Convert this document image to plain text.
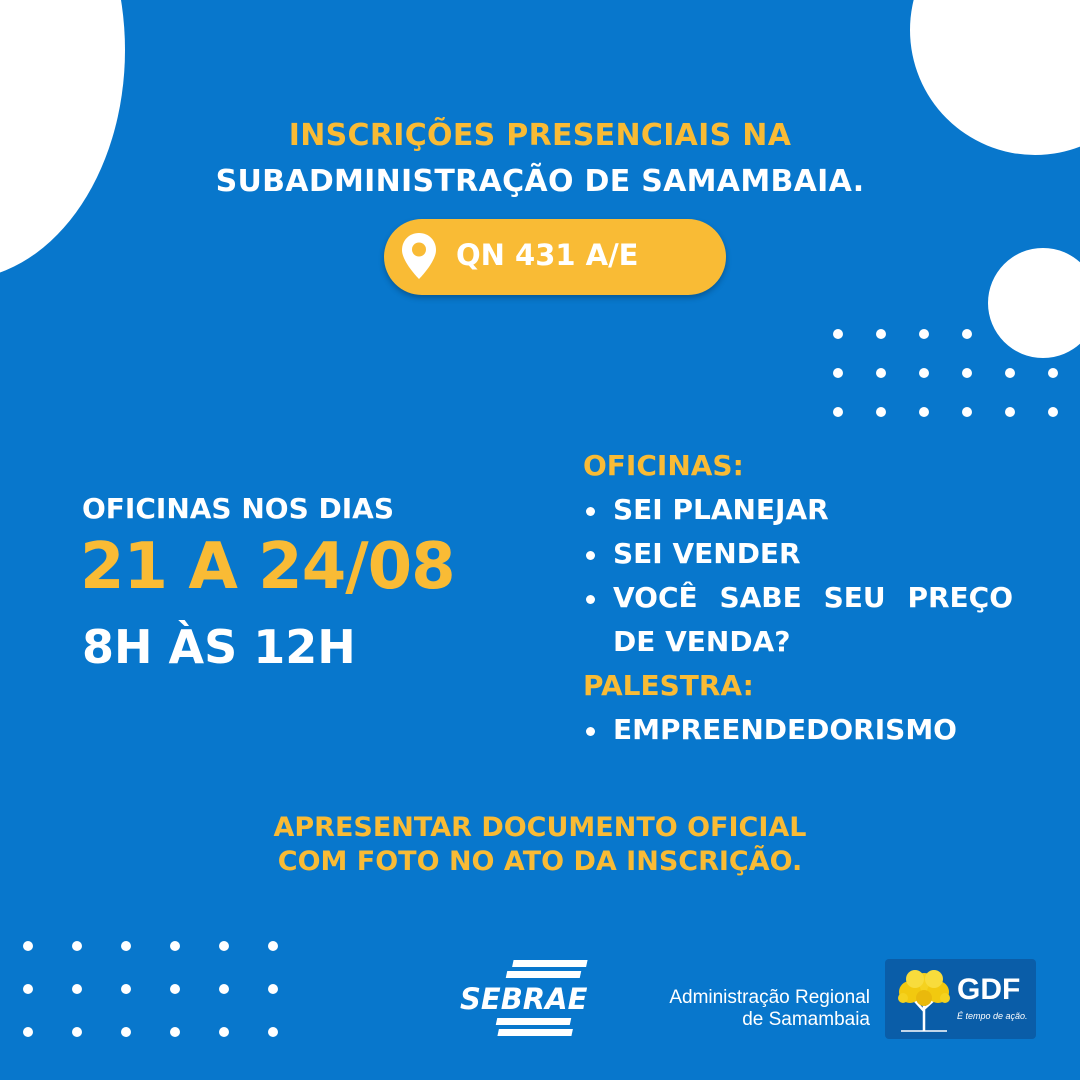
INSCRIÇÕES PRESENCIAIS NA
SUBADMINISTRAÇÃO DE SAMAMBAIA.
QN 431 A/E
OFICINAS NOS DIAS
21 A 24/08
8H ÀS 12H
OFICINAS:
SEI PLANEJAR
SEI VENDER
VOCÊ SABE SEU PREÇO DE VENDA?
PALESTRA:
EMPREENDEDORISMO
APRESENTAR DOCUMENTO OFICIAL
COM FOTO NO ATO DA INSCRIÇÃO.
SEBRAE	Administração Regional
de Samambaia
GDF
É tempo de ação.
